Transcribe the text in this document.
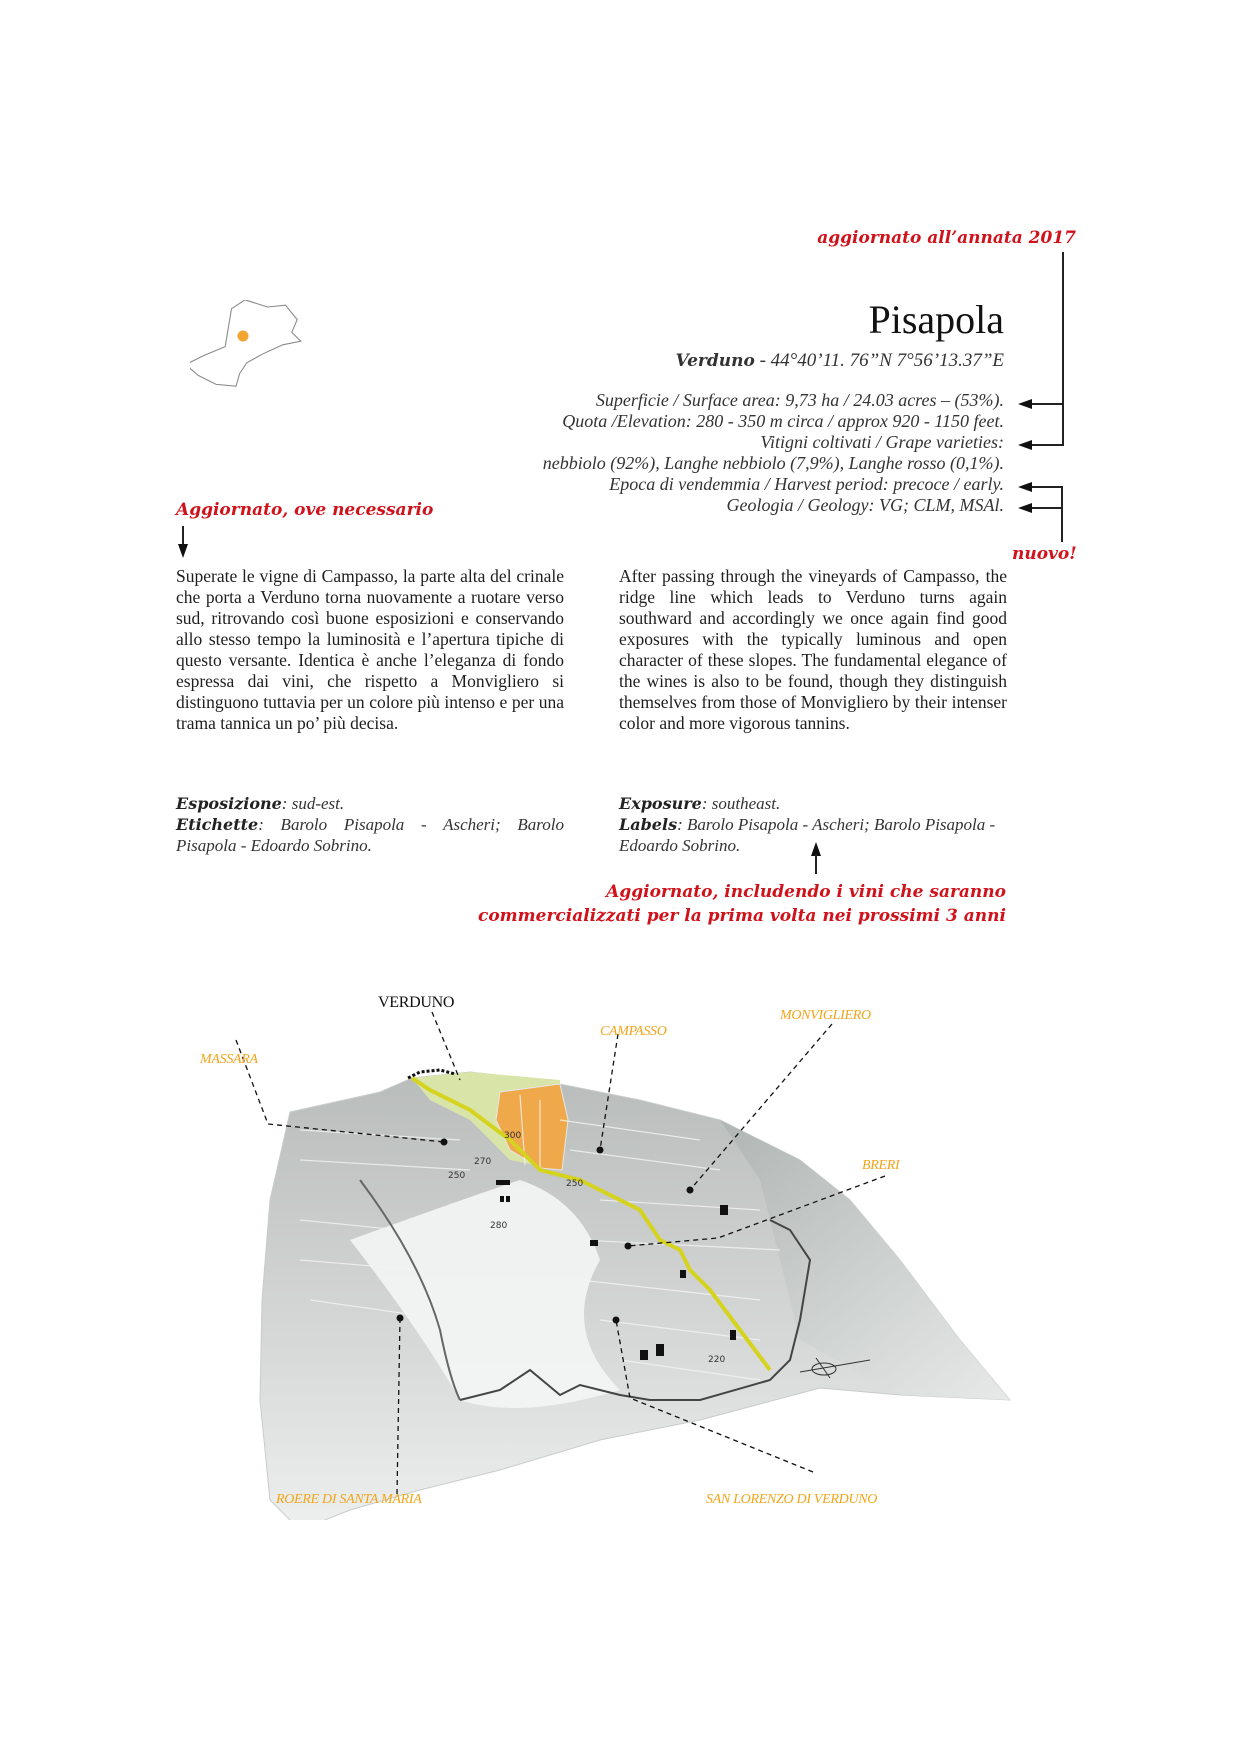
aggiornato all’annata 2017
Pisapola
Verduno - 44°40’11. 76”N 7°56’13.37”E
Superficie / Surface area: 9,73 ha / 24.03 acres – (53%).
Quota /Elevation: 280 - 350 m circa / approx 920 - 1150 feet.
Vitigni coltivati / Grape varieties:
nebbiolo (92%), Langhe nebbiolo (7,9%), Langhe rosso (0,1%).
Epoca di vendemmia / Harvest period: precoce / early.
Geologia / Geology: VG; CLM, MSAl.
nuovo!
Aggiornato, ove necessario
Superate le vigne di Campasso, la parte alta del crinale che porta a Verduno torna nuovamente a ruotare verso sud, ritrovando così buone esposizioni e conservando allo stesso tempo la luminosità e l’apertura tipiche di questo versante. Identica è anche l’eleganza di fondo espressa dai vini, che rispetto a Monvigliero si distinguono tuttavia per un colore più intenso e per una trama tannica un po’ più decisa.
After passing through the vineyards of Campasso, the ridge line which leads to Verduno turns again southward and accordingly we once again find good exposures with the typically luminous and open character of these slopes. The fundamental elegance of the wines is also to be found, though they distinguish themselves from those of Monvigliero by their intenser color and more vigorous tannins.
Esposizione: sud-est.
Etichette: Barolo Pisapola - Ascheri; Barolo Pisapola - Edoardo Sobrino.
Exposure: southeast.
Labels: Barolo Pisapola - Ascheri; Barolo Pisapola - Edoardo Sobrino.
Aggiornato, includendo i vini che saranno
commercializzati per la prima volta nei prossimi 3 anni
300
270
250
250
280
220
VERDUNO
MASSARA
CAMPASSO
MONVIGLIERO
BRERI
ROERE DI SANTA MARIA	SAN LORENZO DI VERDUNO
